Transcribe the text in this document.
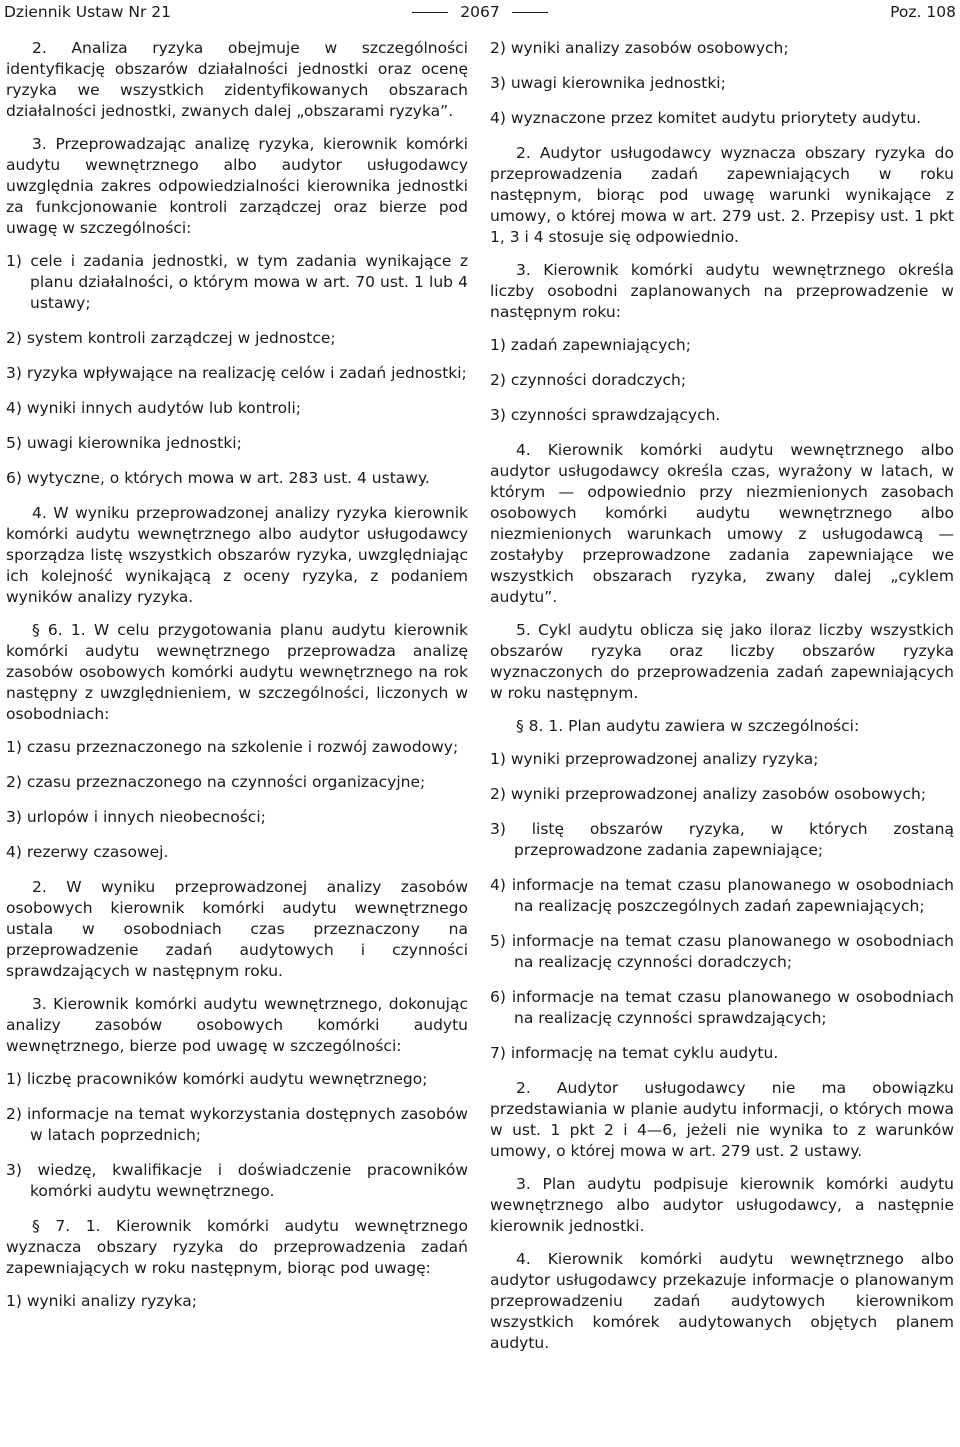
Dziennik Ustaw Nr 21	2067	Poz. 108

2. Analiza ryzyka obejmuje w szczególności identyfikację obszarów działalności jednostki oraz ocenę ryzyka we wszystkich zidentyfikowanych obszarach działalności jednostki, zwanych dalej „obszarami ryzyka”.

3. Przeprowadzając analizę ryzyka, kierownik komórki audytu wewnętrznego albo audytor usługodawcy uwzględnia zakres odpowiedzialności kierownika jednostki za funkcjonowanie kontroli zarządczej oraz bierze pod uwagę w szczególności:

1) cele i zadania jednostki, w tym zadania wynikające z planu działalności, o którym mowa w art. 70 ust. 1 lub 4 ustawy;

2) system kontroli zarządczej w jednostce;

3) ryzyka wpływające na realizację celów i zadań jednostki;

4) wyniki innych audytów lub kontroli;

5) uwagi kierownika jednostki;

6) wytyczne, o których mowa w art. 283 ust. 4 ustawy.

4. W wyniku przeprowadzonej analizy ryzyka kierownik komórki audytu wewnętrznego albo audytor usługodawcy sporządza listę wszystkich obszarów ryzyka, uwzględniając ich kolejność wynikającą z oceny ryzyka, z podaniem wyników analizy ryzyka.

§ 6. 1. W celu przygotowania planu audytu kierownik komórki audytu wewnętrznego przeprowadza analizę zasobów osobowych komórki audytu wewnętrznego na rok następny z uwzględnieniem, w szczególności, liczonych w osobodniach:

1) czasu przeznaczonego na szkolenie i rozwój zawodowy;

2) czasu przeznaczonego na czynności organizacyjne;

3) urlopów i innych nieobecności;

4) rezerwy czasowej.

2. W wyniku przeprowadzonej analizy zasobów osobowych kierownik komórki audytu wewnętrznego ustala w osobodniach czas przeznaczony na przeprowadzenie zadań audytowych i czynności sprawdzających w następnym roku.

3. Kierownik komórki audytu wewnętrznego, dokonując analizy zasobów osobowych komórki audytu wewnętrznego, bierze pod uwagę w szczególności:

1) liczbę pracowników komórki audytu wewnętrznego;

2) informacje na temat wykorzystania dostępnych zasobów w latach poprzednich;

3) wiedzę, kwalifikacje i doświadczenie pracowników komórki audytu wewnętrznego.

§ 7. 1. Kierownik komórki audytu wewnętrznego wyznacza obszary ryzyka do przeprowadzenia zadań zapewniających w roku następnym, biorąc pod uwagę:

1) wyniki analizy ryzyka;

2) wyniki analizy zasobów osobowych;

3) uwagi kierownika jednostki;

4) wyznaczone przez komitet audytu priorytety audytu.

2. Audytor usługodawcy wyznacza obszary ryzyka do przeprowadzenia zadań zapewniających w roku następnym, biorąc pod uwagę warunki wynikające z umowy, o której mowa w art. 279 ust. 2. Przepisy ust. 1 pkt 1, 3 i 4 stosuje się odpowiednio.

3. Kierownik komórki audytu wewnętrznego określa liczby osobodni zaplanowanych na przeprowadzenie w następnym roku:

1) zadań zapewniających;

2) czynności doradczych;

3) czynności sprawdzających.

4. Kierownik komórki audytu wewnętrznego albo audytor usługodawcy określa czas, wyrażony w latach, w którym — odpowiednio przy niezmienionych zasobach osobowych komórki audytu wewnętrznego albo niezmienionych warunkach umowy z usługodawcą — zostałyby przeprowadzone zadania zapewniające we wszystkich obszarach ryzyka, zwany dalej „cyklem audytu”.

5. Cykl audytu oblicza się jako iloraz liczby wszystkich obszarów ryzyka oraz liczby obszarów ryzyka wyznaczonych do przeprowadzenia zadań zapewniających w roku następnym.

§ 8. 1. Plan audytu zawiera w szczególności:

1) wyniki przeprowadzonej analizy ryzyka;

2) wyniki przeprowadzonej analizy zasobów osobowych;

3) listę obszarów ryzyka, w których zostaną przeprowadzone zadania zapewniające;

4) informacje na temat czasu planowanego w osobodniach na realizację poszczególnych zadań zapewniających;

5) informacje na temat czasu planowanego w osobodniach na realizację czynności doradczych;

6) informacje na temat czasu planowanego w osobodniach na realizację czynności sprawdzających;

7) informację na temat cyklu audytu.

2. Audytor usługodawcy nie ma obowiązku przedstawiania w planie audytu informacji, o których mowa w ust. 1 pkt 2 i 4—6, jeżeli nie wynika to z warunków umowy, o której mowa w art. 279 ust. 2 ustawy.

3. Plan audytu podpisuje kierownik komórki audytu wewnętrznego albo audytor usługodawcy, a następnie kierownik jednostki.

4. Kierownik komórki audytu wewnętrznego albo audytor usługodawcy przekazuje informacje o planowanym przeprowadzeniu zadań audytowych kierownikom wszystkich komórek audytowanych objętych planem audytu.
